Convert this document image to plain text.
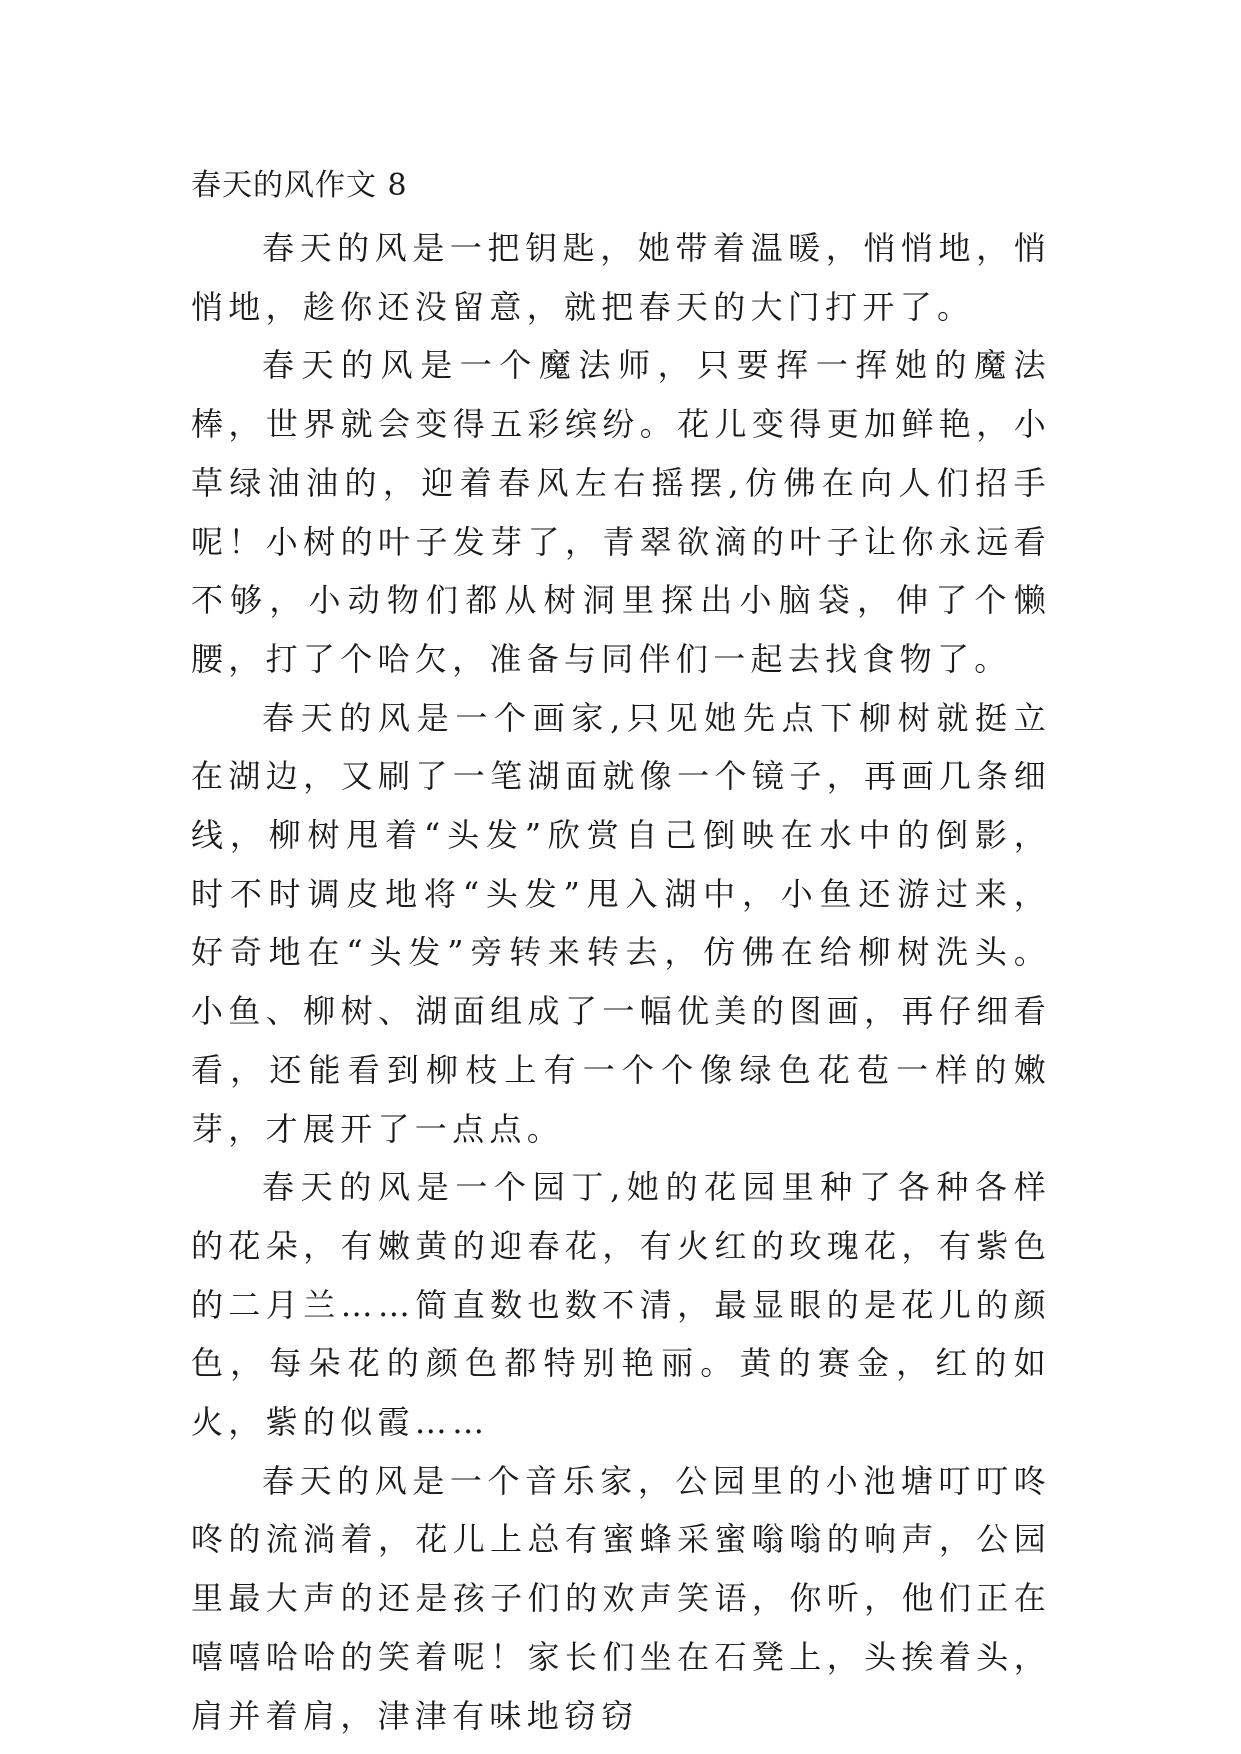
春天的风作文 8

春天的风是一把钥匙，她带着温暖，悄悄地，悄悄地，趁你还没留意，就把春天的大门打开了。

春天的风是一个魔法师，只要挥一挥她的魔法棒，世界就会变得五彩缤纷。花儿变得更加鲜艳，小草绿油油的，迎着春风左右摇摆,仿佛在向人们招手呢！小树的叶子发芽了，青翠欲滴的叶子让你永远看不够，小动物们都从树洞里探出小脑袋，伸了个懒腰，打了个哈欠，准备与同伴们一起去找食物了。

春天的风是一个画家,只见她先点下柳树就挺立在湖边，又刷了一笔湖面就像一个镜子，再画几条细线，柳树甩着“头发”欣赏自己倒映在水中的倒影，时不时调皮地将“头发”甩入湖中，小鱼还游过来，好奇地在“头发”旁转来转去，仿佛在给柳树洗头。小鱼、柳树、湖面组成了一幅优美的图画，再仔细看看，还能看到柳枝上有一个个像绿色花苞一样的嫩芽，才展开了一点点。

春天的风是一个园丁,她的花园里种了各种各样的花朵，有嫩黄的迎春花，有火红的玫瑰花，有紫色的二月兰……简直数也数不清，最显眼的是花儿的颜色，每朵花的颜色都特别艳丽。黄的赛金，红的如火，紫的似霞……

春天的风是一个音乐家，公园里的小池塘叮叮咚咚的流淌着，花儿上总有蜜蜂采蜜嗡嗡的响声，公园里最大声的还是孩子们的欢声笑语，你听，他们正在嘻嘻哈哈的笑着呢！家长们坐在石凳上，头挨着头，肩并着肩，津津有味地窃窃
